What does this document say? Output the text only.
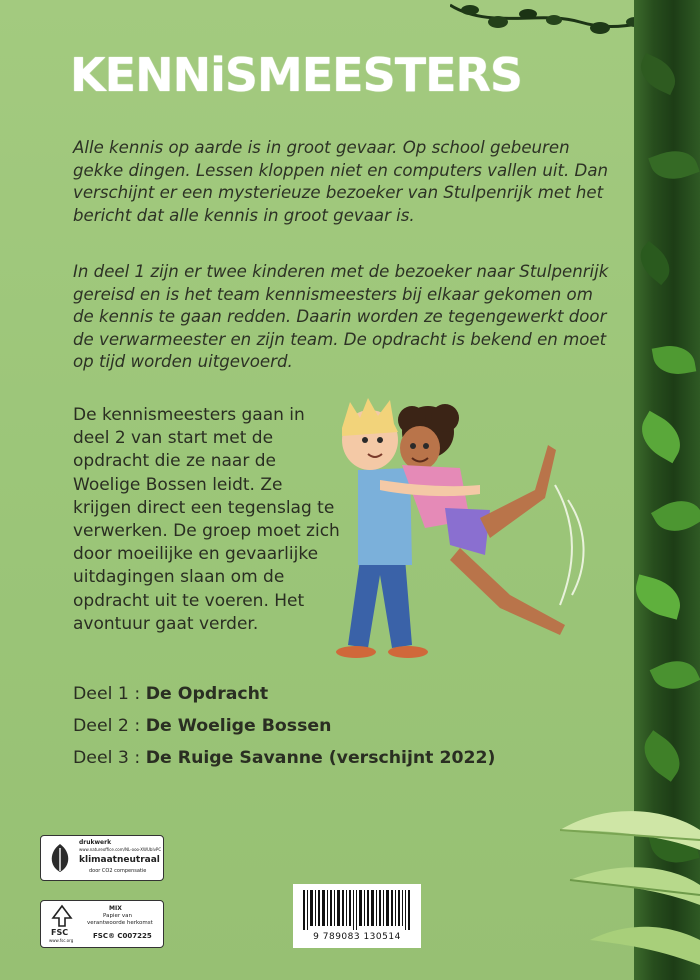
KENNiSMEESTERS

Alle kennis op aarde is in groot gevaar. Op school gebeuren gekke dingen. Lessen kloppen niet en computers vallen uit. Dan verschijnt er een mysterieuze bezoeker van Stulpenrijk met het bericht dat alle kennis in groot gevaar is.

In deel 1 zijn er twee kinderen met de bezoeker naar Stulpenrijk gereisd en is het team kennismeesters bij elkaar gekomen om de kennis te gaan redden. Daarin worden ze tegengewerkt door de verwarmeester en zijn team. De opdracht is bekend en moet op tijd worden uitgevoerd.

De kennismeesters gaan in deel 2 van start met de opdracht die ze naar de Woelige Bossen leidt. Ze krijgen direct een tegenslag te verwerken. De groep moet zich door moeilijke en gevaarlijke uitdagingen slaan om de opdracht uit te voeren. Het avontuur gaat verder.

Deel 1 : De Opdracht
Deel 2 : De Woelige Bossen
Deel 3 : De Ruige Savanne (verschijnt 2022)
drukwerk
www.natureoffice.com/NL-ooo-XWUblvPC
klimaatneutraal
door CO2 compensatie
FSC
www.fsc.org
MIX
Papier van
verantwoorde herkomst
FSC® C007225	9 789083 130514
